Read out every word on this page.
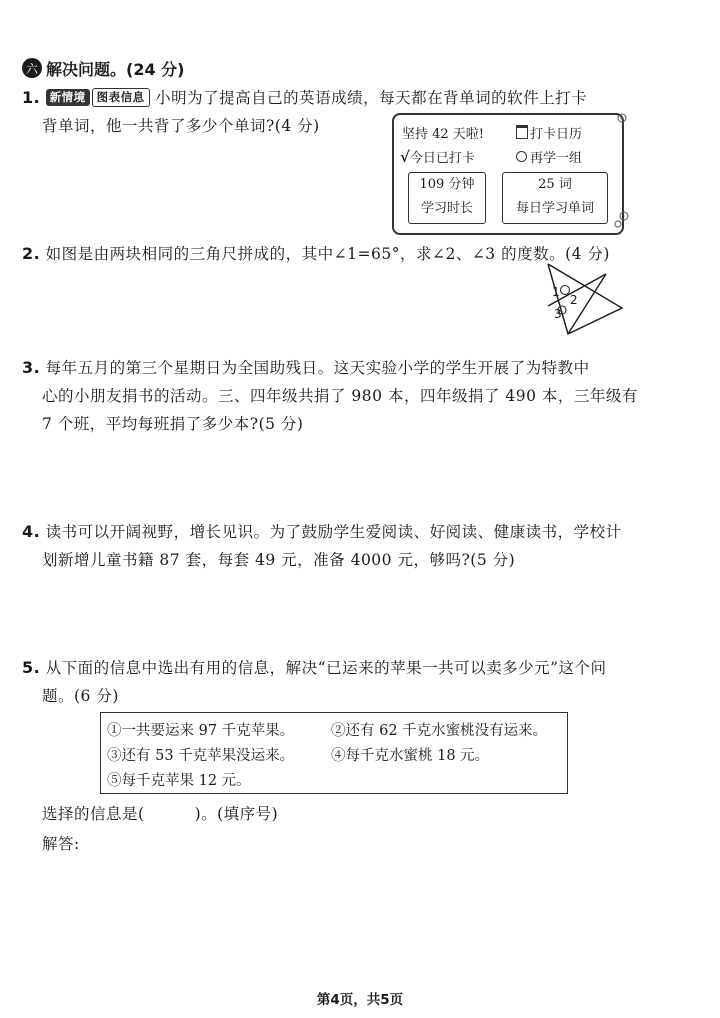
六 解决问题。(24 分)
1. 新情境 图表信息 小明为了提高自己的英语成绩，每天都在背单词的软件上打卡
背单词，他一共背了多少个单词?(4 分)	坚持 42 天啦!	打卡日历
√今日已打卡	再学一组
109 分钟
学习时长
25 词
每日学习单词
2. 如图是由两块相同的三角尺拼成的，其中∠1=65°，求∠2、∠3 的度数。(4 分)
1
2
3
3. 每年五月的第三个星期日为全国助残日。这天实验小学的学生开展了为特教中
心的小朋友捐书的活动。三、四年级共捐了 980 本，四年级捐了 490 本，三年级有
7 个班，平均每班捐了多少本?(5 分)
4. 读书可以开阔视野，增长见识。为了鼓励学生爱阅读、好阅读、健康读书，学校计
划新增儿童书籍 87 套，每套 49 元，准备 4000 元，够吗?(5 分)
5. 从下面的信息中选出有用的信息，解决“已运来的苹果一共可以卖多少元”这个问
题。(6 分)
①一共要运来 97 千克苹果。	②还有 62 千克水蜜桃没有运来。
③还有 53 千克苹果没运来。	④每千克水蜜桃 18 元。
⑤每千克苹果 12 元。
选择的信息是(	)。(填序号)
解答:
第4页，共5页
